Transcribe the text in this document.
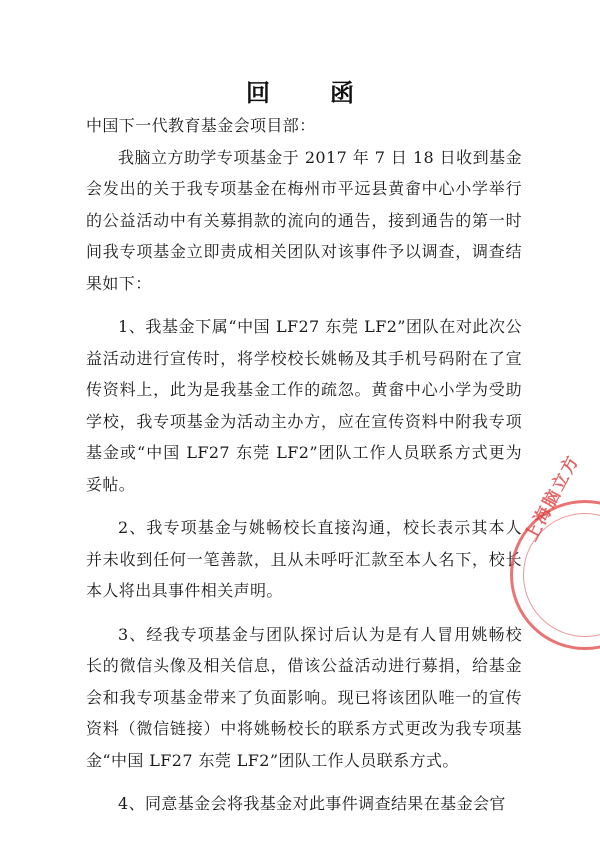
回　函

中国下一代教育基金会项目部：

我脑立方助学专项基金于 2017 年 7 日 18 日收到基金会发出的关于我专项基金在梅州市平远县黄畲中心小学举行的公益活动中有关募捐款的流向的通告，接到通告的第一时间我专项基金立即责成相关团队对该事件予以调查，调查结果如下：

1、我基金下属“中国 LF27 东莞 LF2”团队在对此次公益活动进行宣传时，将学校校长姚畅及其手机号码附在了宣传资料上，此为是我基金工作的疏忽。黄畲中心小学为受助学校，我专项基金为活动主办方，应在宣传资料中附我专项基金或“中国 LF27 东莞 LF2”团队工作人员联系方式更为妥帖。

2、我专项基金与姚畅校长直接沟通，校长表示其本人并未收到任何一笔善款，且从未呼吁汇款至本人名下，校长本人将出具事件相关声明。

3、经我专项基金与团队探讨后认为是有人冒用姚畅校长的微信头像及相关信息，借该公益活动进行募捐，给基金会和我专项基金带来了负面影响。现已将该团队唯一的宣传资料（微信链接）中将姚畅校长的联系方式更改为我专项基金“中国 LF27 东莞 LF2”团队工作人员联系方式。

4、同意基金会将我基金对此事件调查结果在基金会官

上海脑立方
